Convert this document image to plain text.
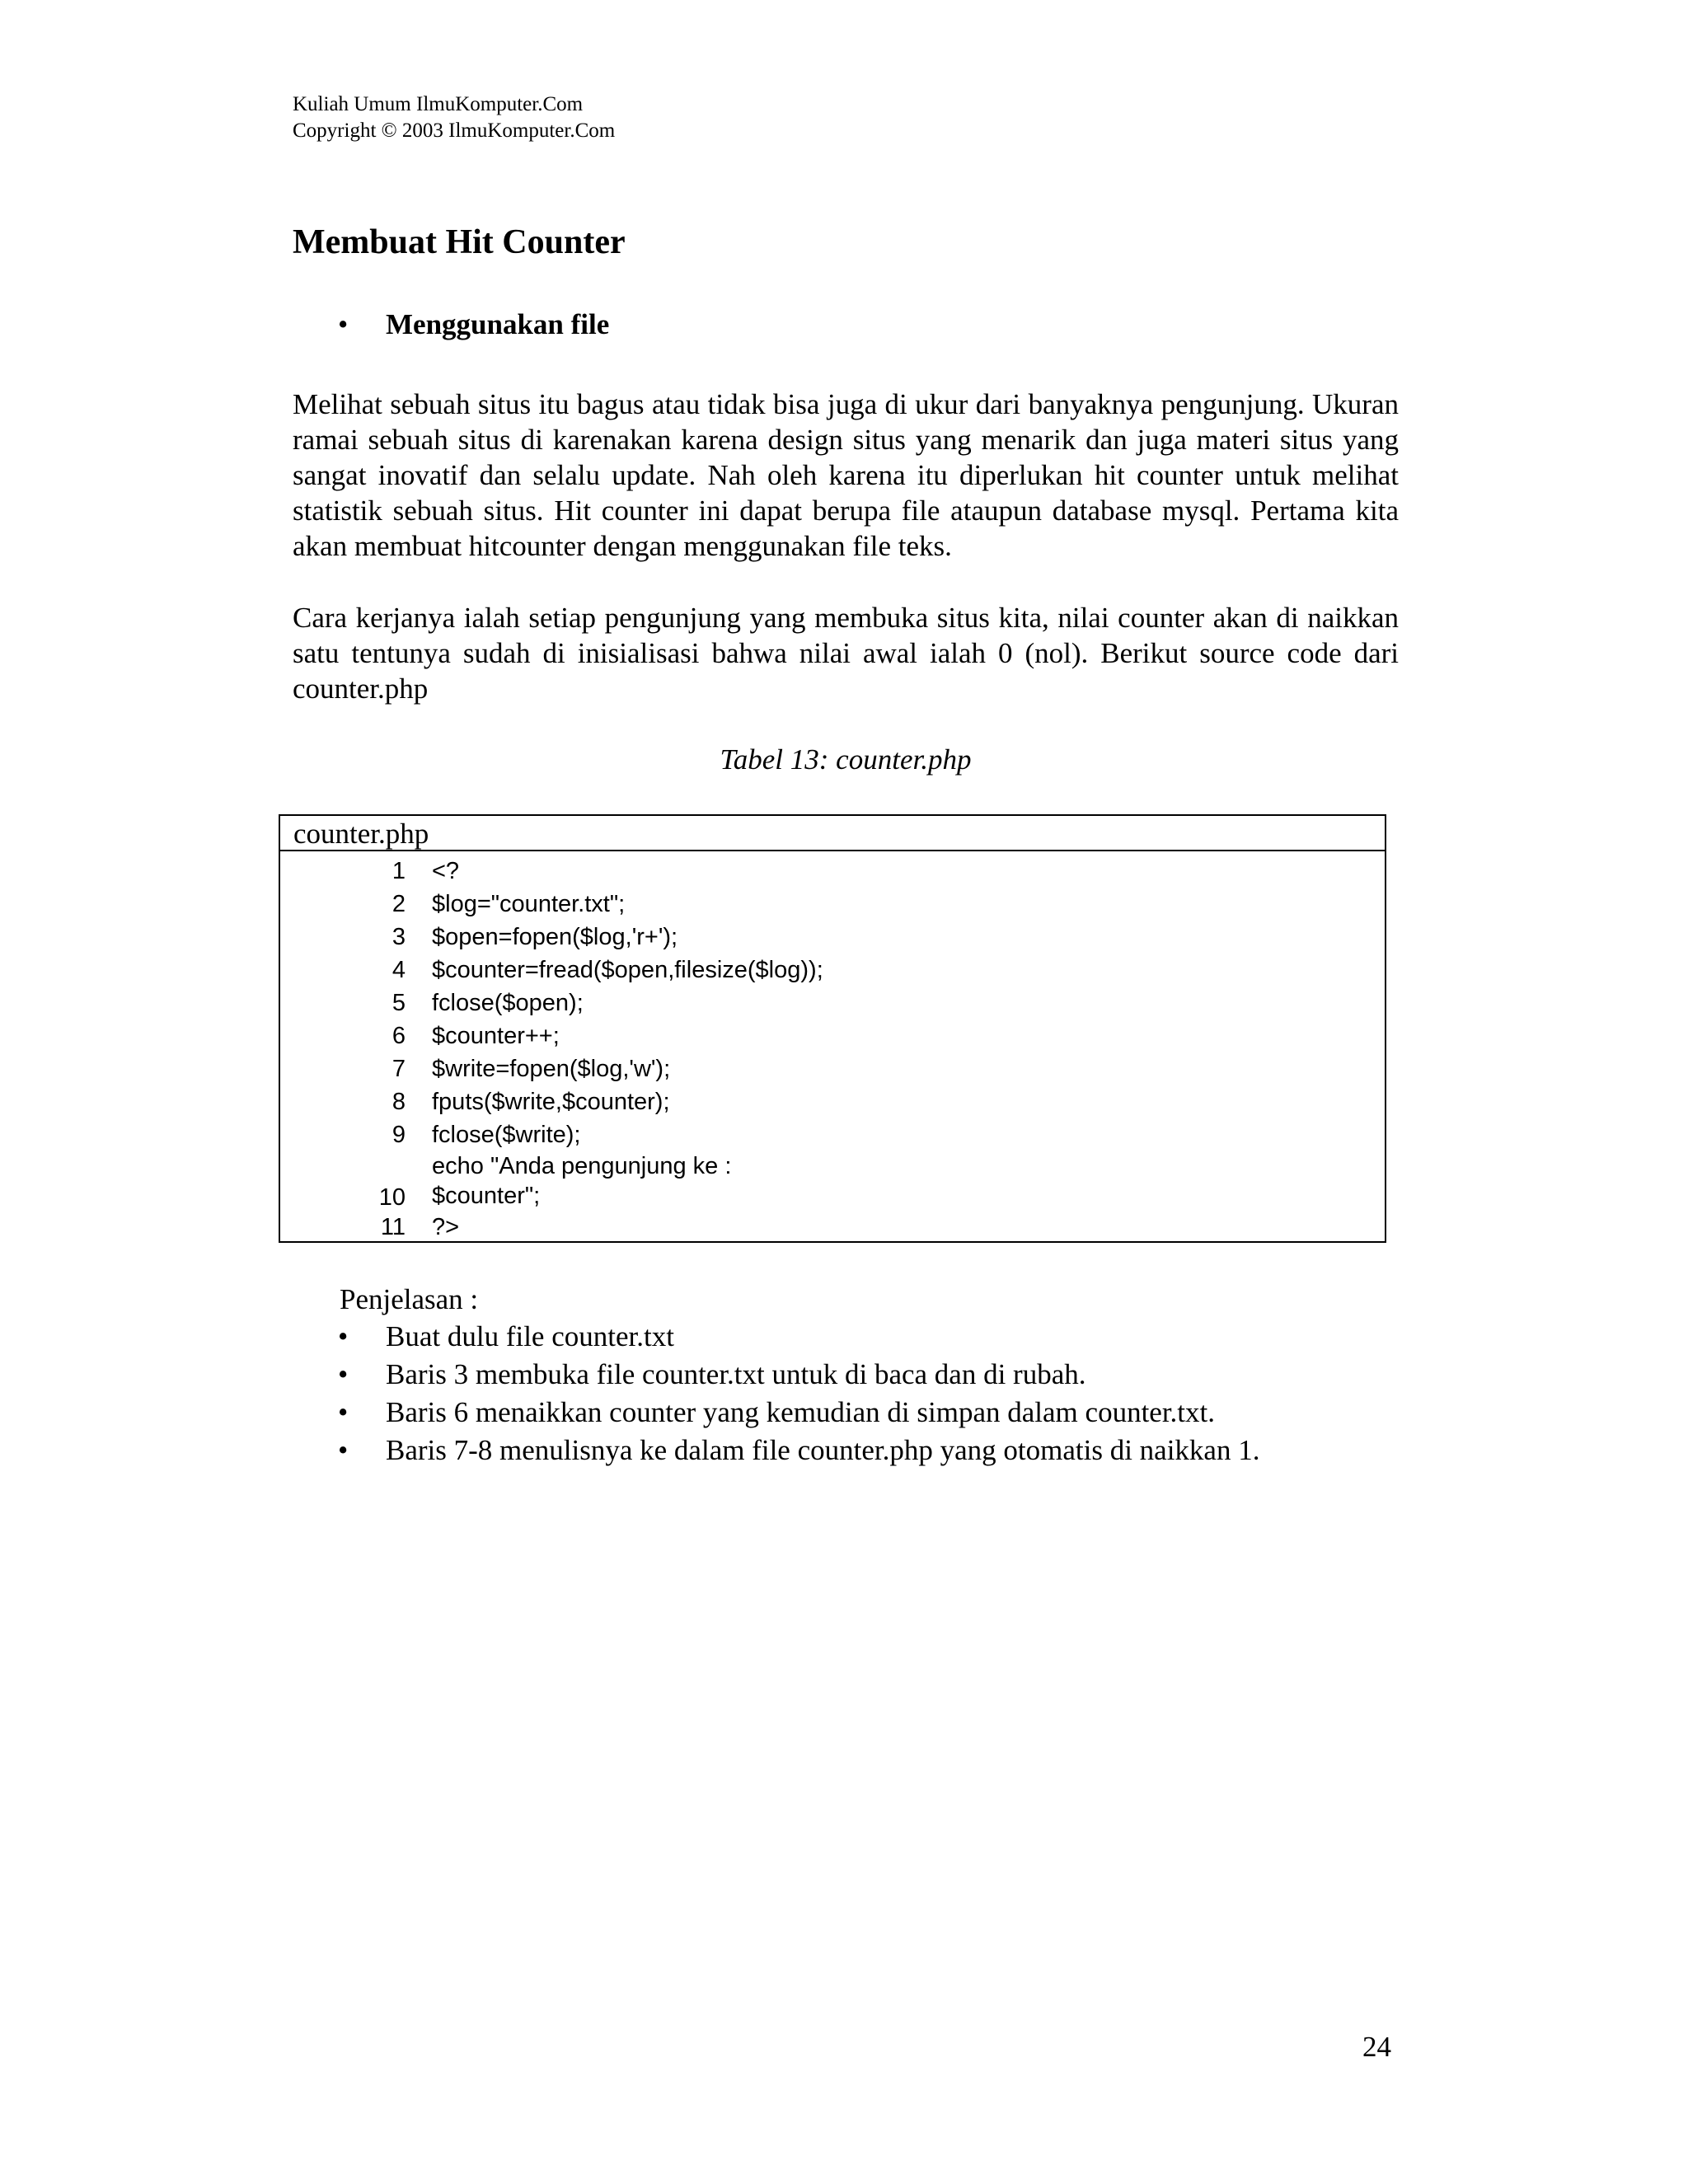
Kuliah Umum IlmuKomputer.Com
Copyright © 2003 IlmuKomputer.Com
Membuat Hit Counter
• Menggunakan file

Melihat sebuah situs itu bagus atau tidak bisa juga di ukur dari banyaknya pengunjung. Ukuran ramai sebuah situs di karenakan karena design situs yang menarik dan juga materi situs yang sangat inovatif dan selalu update. Nah oleh karena itu diperlukan hit counter untuk melihat statistik sebuah situs. Hit counter ini dapat berupa file ataupun database mysql. Pertama kita akan membuat hitcounter dengan menggunakan file teks.

Cara kerjanya ialah setiap pengunjung yang membuka situs kita, nilai counter akan di naikkan satu tentunya sudah di inisialisasi bahwa nilai awal ialah 0 (nol). Berikut source code dari counter.php

Tabel 13: counter.php
counter.php
1 <?
2 $log="counter.txt";
3 $open=fopen($log,'r+');
4 $counter=fread($open,filesize($log));
5 fclose($open);
6 $counter++;
7 $write=fopen($log,'w');
8 fputs($write,$counter);
9 fclose($write);
10
echo "Anda pengunjung ke :
$counter";
11 ?>
Penjelasan :
• Buat dulu file counter.txt
• Baris 3 membuka file counter.txt untuk di baca dan di rubah.
• Baris 6 menaikkan counter yang kemudian di simpan dalam counter.txt.
• Baris 7-8 menulisnya ke dalam file counter.php yang otomatis di naikkan 1.
24
